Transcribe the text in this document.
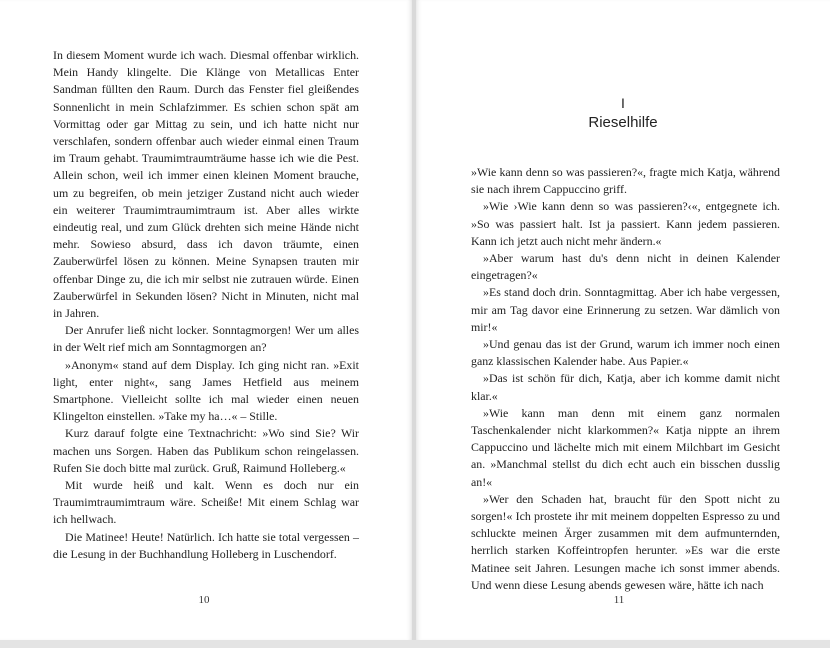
In diesem Moment wurde ich wach. Diesmal offenbar wirklich. Mein Handy klingelte. Die Klänge von Metallicas Enter Sandman füllten den Raum. Durch das Fenster fiel gleißendes Sonnenlicht in mein Schlafzimmer. Es schien schon spät am Vormittag oder gar Mittag zu sein, und ich hatte nicht nur verschlafen, sondern offenbar auch wieder einmal einen Traum im Traum gehabt. Traumimtraumträume hasse ich wie die Pest. Allein schon, weil ich immer einen kleinen Moment brauche, um zu begreifen, ob mein jetziger Zustand nicht auch wieder ein weiterer Traumimtraumimtraum ist. Aber alles wirkte eindeutig real, und zum Glück drehten sich meine Hände nicht mehr. Sowieso absurd, dass ich davon träumte, einen Zauberwürfel lösen zu können. Meine Synapsen trauten mir offenbar Dinge zu, die ich mir selbst nie zutrauen würde. Einen Zauberwürfel in Sekunden lösen? Nicht in Minuten, nicht mal in Jahren.

Der Anrufer ließ nicht locker. Sonntagmorgen! Wer um alles in der Welt rief mich am Sonntagmorgen an?

»Anonym« stand auf dem Display. Ich ging nicht ran. »Exit light, enter night«, sang James Hetfield aus meinem Smartphone. Vielleicht sollte ich mal wieder einen neuen Klingelton einstellen. »Take my ha…« – Stille.

Kurz darauf folgte eine Textnachricht: »Wo sind Sie? Wir machen uns Sorgen. Haben das Publikum schon reingelassen. Rufen Sie doch bitte mal zurück. Gruß, Raimund Holleberg.«

Mit wurde heiß und kalt. Wenn es doch nur ein Traumimtraumimtraum wäre. Scheiße! Mit einem Schlag war ich hellwach.

Die Matinee! Heute! Natürlich. Ich hatte sie total vergessen – die Lesung in der Buchhandlung Holleberg in Luschendorf.

10
I
Rieselhilfe

»Wie kann denn so was passieren?«, fragte mich Katja, während sie nach ihrem Cappuccino griff.

»Wie ›Wie kann denn so was passieren?‹«, entgegnete ich. »So was passiert halt. Ist ja passiert. Kann jedem passieren. Kann ich jetzt auch nicht mehr ändern.«

»Aber warum hast du's denn nicht in deinen Kalender eingetragen?«

»Es stand doch drin. Sonntagmittag. Aber ich habe vergessen, mir am Tag davor eine Erinnerung zu setzen. War dämlich von mir!«

»Und genau das ist der Grund, warum ich immer noch einen ganz klassischen Kalender habe. Aus Papier.«

»Das ist schön für dich, Katja, aber ich komme damit nicht klar.«

»Wie kann man denn mit einem ganz normalen Taschenkalender nicht klarkommen?« Katja nippte an ihrem Cappuccino und lächelte mich mit einem Milchbart im Gesicht an. »Manchmal stellst du dich echt auch ein bisschen dusslig an!«

»Wer den Schaden hat, braucht für den Spott nicht zu sorgen!« Ich prostete ihr mit meinem doppelten Espresso zu und schluckte meinen Ärger zusammen mit dem aufmunternden, herrlich starken Koffeintropfen herunter. »Es war die erste Matinee seit Jahren. Lesungen mache ich sonst immer abends. Und wenn diese Lesung abends gewesen wäre, hätte ich nach

11
